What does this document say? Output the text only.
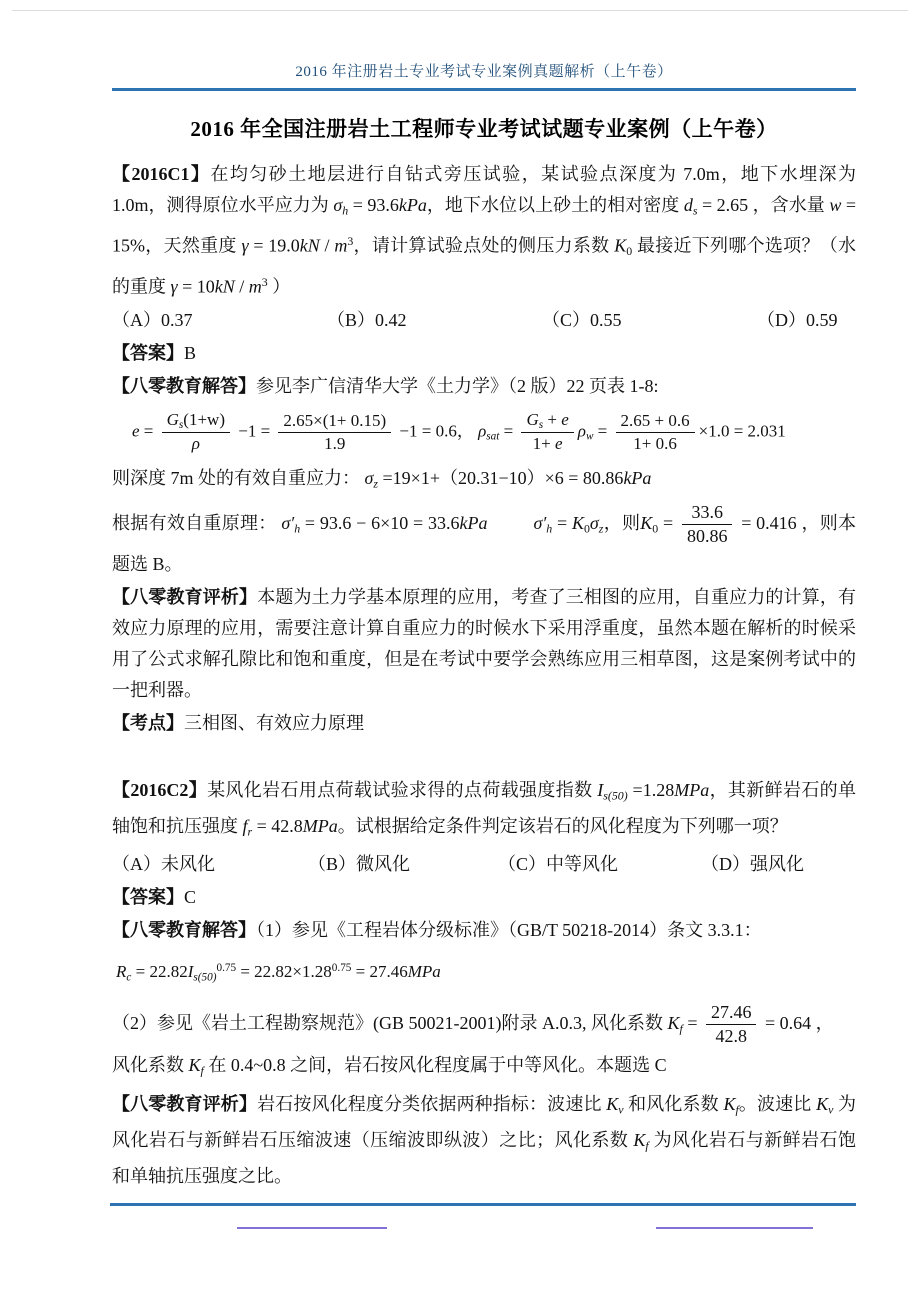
2016 年注册岩土专业考试专业案例真题解析（上午卷）
2016 年全国注册岩土工程师专业考试试题专业案例（上午卷）

【2016C1】在均匀砂土地层进行自钻式旁压试验，某试验点深度为 7.0m，地下水埋深为 1.0m，测得原位水平应力为 σh = 93.6kPa，地下水位以上砂土的相对密度 ds = 2.65 ，含水量 w = 15%，天然重度 $\gamma = 19.0kN / m^3$，请计算试验点处的侧压力系数 K0 最接近下列哪个选项？（水的重度 $\gamma = 10kN / m^3$ ）

（A）0.37	（B）0.42	（C）0.55	（D）0.59

【答案】B

【八零教育解答】参见李广信清华大学《土力学》（2 版）22 页表 1-8:

$e = \frac{Gs(1+w)}{\rho} -1 = \frac{2.65\times(1+ 0.15)}{1.9} -1 = 0.6$， $\rho sat = \frac{Gs + e}{1+ e}$ $\rho w = \frac{2.65 + 0.6}{1+ 0.6} \times 1.0 = 2.031$

则深度 7m 处的有效自重应力： σz =19×1+（20.31−10）×6 = 80.86kPa

根据有效自重原理： σ′h = 93.6 − 6×10 = 33.6kPa	σ′h = K0σz，则$K0 = \frac{33.6}{80.86} = 0.416$ ，则本题选 B。

【八零教育评析】本题为土力学基本原理的应用，考查了三相图的应用，自重应力的计算，有效应力原理的应用，需要注意计算自重应力的时候水下采用浮重度，虽然本题在解析的时候采用了公式求解孔隙比和饱和重度，但是在考试中要学会熟练应用三相草图，这是案例考试中的一把利器。

【考点】三相图、有效应力原理

【2016C2】某风化岩石用点荷载试验求得的点荷载强度指数 Is(50) =1.28MPa，其新鲜岩石的单轴饱和抗压强度 fr = 42.8MPa。试根据给定条件判定该岩石的风化程度为下列哪一项？

（A）未风化	（B）微风化	（C）中等风化	（D）强风化

【答案】C

【八零教育解答】（1）参见《工程岩体分级标准》（GB/T 50218-2014）条文 3.3.1：

$Rc = 22.82Is(50)^{0.75} = 22.82\times 1.28^{0.75} = 27.46MPa$

（2）参见《岩土工程勘察规范》(GB 50021-2001)附录 A.0.3, 风化系数 $Kf = \frac{27.46}{42.8} = 0.64$ ，

风化系数 Kf 在 0.4~0.8 之间，岩石按风化程度属于中等风化。本题选 C

【八零教育评析】岩石按风化程度分类依据两种指标：波速比 Kv 和风化系数 Kf。波速比 Kv 为风化岩石与新鲜岩石压缩波速（压缩波即纵波）之比；风化系数 Kf 为风化岩石与新鲜岩石饱和单轴抗压强度之比。
